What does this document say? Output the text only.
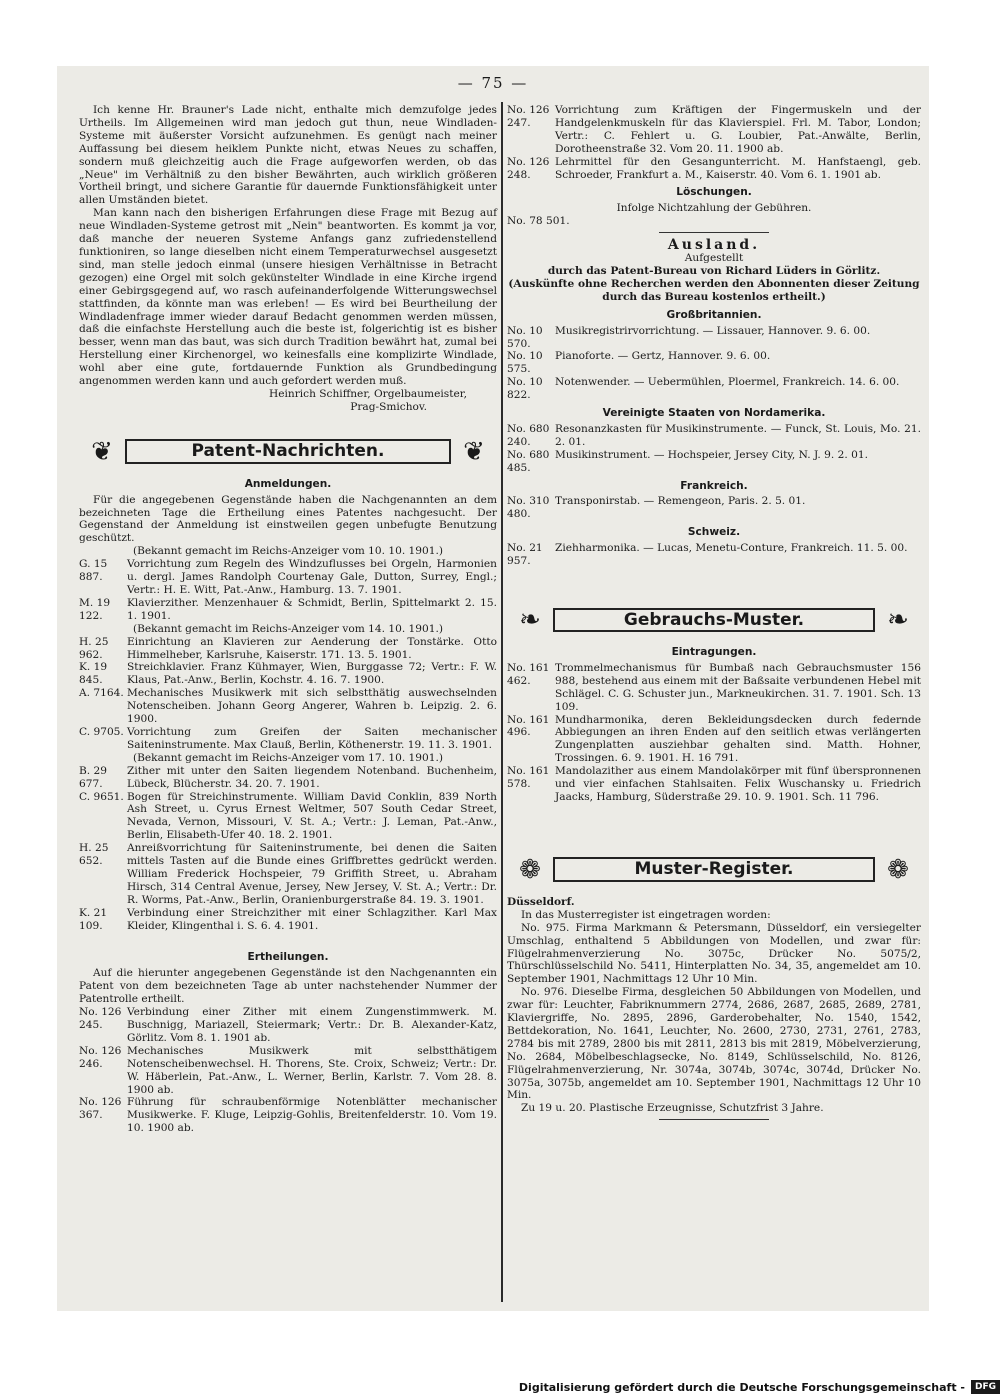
— 75 —

Ich kenne Hr. Brauner's Lade nicht, enthalte mich demzufolge jedes Urtheils. Im Allgemeinen wird man jedoch gut thun, neue Windladen-Systeme mit äußerster Vorsicht aufzunehmen. Es genügt nach meiner Auffassung bei diesem heiklem Punkte nicht, etwas Neues zu schaffen, sondern muß gleichzeitig auch die Frage aufgeworfen werden, ob das „Neue" im Verhältniß zu den bisher Bewährten, auch wirklich größeren Vortheil bringt, und sichere Garantie für dauernde Funktionsfähigkeit unter allen Umständen bietet.

Man kann nach den bisherigen Erfahrungen diese Frage mit Bezug auf neue Windladen-Systeme getrost mit „Nein" beantworten. Es kommt ja vor, daß manche der neueren Systeme Anfangs ganz zufriedenstellend funktioniren, so lange dieselben nicht einem Temperaturwechsel ausgesetzt sind, man stelle jedoch einmal (unsere hiesigen Verhältnisse in Betracht gezogen) eine Orgel mit solch gekünstelter Windlade in eine Kirche irgend einer Gebirgsgegend auf, wo rasch aufeinanderfolgende Witterungswechsel stattfinden, da könnte man was erleben! — Es wird bei Beurtheilung der Windladenfrage immer wieder darauf Bedacht genommen werden müssen, daß die einfachste Herstellung auch die beste ist, folgerichtig ist es bisher besser, wenn man das baut, was sich durch Tradition bewährt hat, zumal bei Herstellung einer Kirchenorgel, wo keinesfalls eine komplizirte Windlade, wohl aber eine gute, fortdauernde Funktion als Grundbedingung angenommen werden kann und auch gefordert werden muß.

Heinrich Schiffner, Orgelbaumeister,

Prag-Smichov.

❦	Patent-Nachrichten.	❦
Anmeldungen.

Für die angegebenen Gegenstände haben die Nachgenannten an dem bezeichneten Tage die Ertheilung eines Patentes nachgesucht. Der Gegenstand der Anmeldung ist einstweilen gegen unbefugte Benutzung geschützt.

(Bekannt gemacht im Reichs-Anzeiger vom 10. 10. 1901.)

G. 15 887.
Vorrichtung zum Regeln des Windzuflusses bei Orgeln, Harmonien u. dergl. James Randolph Courtenay Gale, Dutton, Surrey, Engl.; Vertr.: H. E. Witt, Pat.-Anw., Hamburg. 13. 7. 1901.
M. 19 122.
Klavierzither. Menzenhauer & Schmidt, Berlin, Spittelmarkt 2. 15. 1. 1901.

(Bekannt gemacht im Reichs-Anzeiger vom 14. 10. 1901.)

H. 25 962.
Einrichtung an Klavieren zur Aenderung der Tonstärke. Otto Himmelheber, Karlsruhe, Kaiserstr. 171. 13. 5. 1901.
K. 19 845.
Streichklavier. Franz Kühmayer, Wien, Burggasse 72; Vertr.: F. W. Klaus, Pat.-Anw., Berlin, Kochstr. 4. 16. 7. 1900.
A. 7164. Mechanisches Musikwerk mit sich selbstthätig auswechselnden Notenscheiben. Johann Georg Angerer, Wahren b. Leipzig. 2. 6. 1900.
C. 9705. Vorrichtung zum Greifen der Saiten mechanischer Saiteninstrumente. Max Clauß, Berlin, Köthenerstr. 19. 11. 3. 1901.

(Bekannt gemacht im Reichs-Anzeiger vom 17. 10. 1901.)

B. 29 677.
Zither mit unter den Saiten liegendem Notenband. Buchenheim, Lübeck, Blücherstr. 34. 20. 7. 1901.
C. 9651. Bogen für Streichinstrumente. William David Conklin, 839 North Ash Street, u. Cyrus Ernest Weltmer, 507 South Cedar Street, Nevada, Vernon, Missouri, V. St. A.; Vertr.: J. Leman, Pat.-Anw., Berlin, Elisabeth-Ufer 40. 18. 2. 1901.
H. 25 652.
Anreißvorrichtung für Saiteninstrumente, bei denen die Saiten mittels Tasten auf die Bunde eines Griffbrettes gedrückt werden. William Frederick Hochspeier, 79 Griffith Street, u. Abraham Hirsch, 314 Central Avenue, Jersey, New Jersey, V. St. A.; Vertr.: Dr. R. Worms, Pat.-Anw., Berlin, Oranienburgerstraße 84. 19. 3. 1901.
K. 21 109.
Verbindung einer Streichzither mit einer Schlagzither. Karl Max Kleider, Klingenthal i. S. 6. 4. 1901.
Ertheilungen.

Auf die hierunter angegebenen Gegenstände ist den Nachgenannten ein Patent von dem bezeichneten Tage ab unter nachstehender Nummer der Patentrolle ertheilt.

No. 126 245.
Verbindung einer Zither mit einem Zungenstimmwerk. M. Buschnigg, Mariazell, Steiermark; Vertr.: Dr. B. Alexander-Katz, Görlitz. Vom 8. 1. 1901 ab.
No. 126 246.
Mechanisches Musikwerk mit selbstthätigem Notenscheibenwechsel. H. Thorens, Ste. Croix, Schweiz; Vertr.: Dr. W. Häberlein, Pat.-Anw., L. Werner, Berlin, Karlstr. 7. Vom 28. 8. 1900 ab.
No. 126 367.
Führung für schraubenförmige Notenblätter mechanischer Musikwerke. F. Kluge, Leipzig-Gohlis, Breitenfelderstr. 10. Vom 19. 10. 1900 ab.
No. 126 247.
Vorrichtung zum Kräftigen der Fingermuskeln und der Handgelenkmuskeln für das Klavierspiel. Frl. M. Tabor, London; Vertr.: C. Fehlert u. G. Loubier, Pat.-Anwälte, Berlin, Dorotheenstraße 32. Vom 20. 11. 1900 ab.
No. 126 248.
Lehrmittel für den Gesangunterricht. M. Hanfstaengl, geb. Schroeder, Frankfurt a. M., Kaiserstr. 40. Vom 6. 1. 1901 ab.
Löschungen.

Infolge Nichtzahlung der Gebühren.

No. 78 501.

Ausland.

Aufgestellt

durch das Patent-Bureau von Richard Lüders in Görlitz.

(Auskünfte ohne Recherchen werden den Abonnenten dieser Zeitung durch das Bureau kostenlos ertheilt.)

Großbritannien.
No. 10 570.
Musikregistrirvorrichtung. — Lissauer, Hannover. 9. 6. 00.
No. 10 575.
Pianoforte. — Gertz, Hannover. 9. 6. 00.
No. 10 822.
Notenwender. — Uebermühlen, Ploermel, Frankreich. 14. 6. 00.
Vereinigte Staaten von Nordamerika.
No. 680 240.
Resonanzkasten für Musikinstrumente. — Funck, St. Louis, Mo. 21. 2. 01.
No. 680 485.
Musikinstrument. — Hochspeier, Jersey City, N. J. 9. 2. 01.
Frankreich.
No. 310 480.
Transponirstab. — Remengeon, Paris. 2. 5. 01.
Schweiz.
No. 21 957.
Ziehharmonika. — Lucas, Menetu-Conture, Frankreich. 11. 5. 00.
❧	Gebrauchs-Muster.	❧
Eintragungen.
No. 161 462.
Trommelmechanismus für Bumbaß nach Gebrauchsmuster 156 988, bestehend aus einem mit der Baßsaite verbundenen Hebel mit Schlägel. C. G. Schuster jun., Markneukirchen. 31. 7. 1901. Sch. 13 109.
No. 161 496.
Mundharmonika, deren Bekleidungsdecken durch federnde Abbiegungen an ihren Enden auf den seitlich etwas verlängerten Zungenplatten ausziehbar gehalten sind. Matth. Hohner, Trossingen. 6. 9. 1901. H. 16 791.
No. 161 578.
Mandolazither aus einem Mandolakörper mit fünf überspronnenen und vier einfachen Stahlsaiten. Felix Wuschansky u. Friedrich Jaacks, Hamburg, Süderstraße 29. 10. 9. 1901. Sch. 11 796.
❁	Muster-Register.	❁

Düsseldorf.

In das Musterregister ist eingetragen worden:

No. 975. Firma Markmann & Petersmann, Düsseldorf, ein versiegelter Umschlag, enthaltend 5 Abbildungen von Modellen, und zwar für: Flügelrahmenverzierung No. 3075c, Drücker No. 5075/2, Thürschlüsselschild No. 5411, Hinterplatten No. 34, 35, angemeldet am 10. September 1901, Nachmittags 12 Uhr 10 Min.

No. 976. Dieselbe Firma, desgleichen 50 Abbildungen von Modellen, und zwar für: Leuchter, Fabriknummern 2774, 2686, 2687, 2685, 2689, 2781, Klaviergriffe, No. 2895, 2896, Garderobehalter, No. 1540, 1542, Bettdekoration, No. 1641, Leuchter, No. 2600, 2730, 2731, 2761, 2783, 2784 bis mit 2789, 2800 bis mit 2811, 2813 bis mit 2819, Möbelverzierung, No. 2684, Möbelbeschlagsecke, No. 8149, Schlüsselschild, No. 8126, Flügelrahmenverzierung, Nr. 3074a, 3074b, 3074c, 3074d, Drücker No. 3075a, 3075b, angemeldet am 10. September 1901, Nachmittags 12 Uhr 10 Min.

Zu 19 u. 20. Plastische Erzeugnisse, Schutzfrist 3 Jahre.

Digitalisierung gefördert durch die Deutsche Forschungsgemeinschaft -	DFG
